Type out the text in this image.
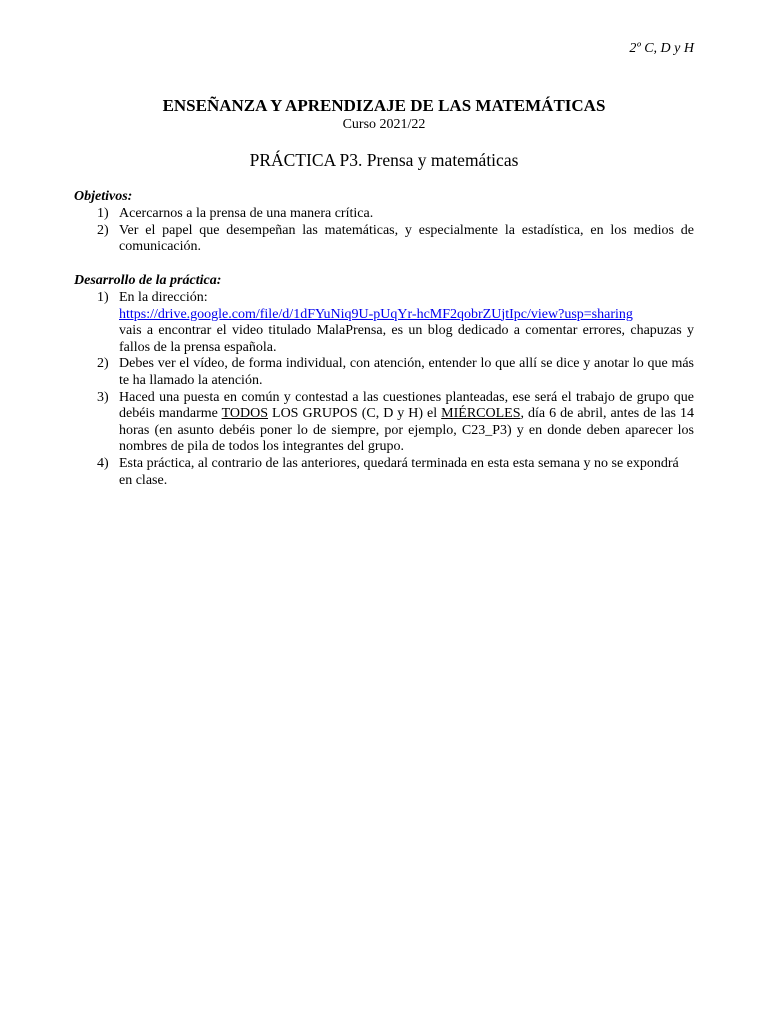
2º C, D y H
ENSEÑANZA Y APRENDIZAJE DE LAS MATEMÁTICAS
Curso 2021/22
PRÁCTICA P3. Prensa y matemáticas
Objetivos:
1) Acercarnos a la prensa de una manera crítica.
2) Ver el papel que desempeñan las matemáticas, y especialmente la estadística, en los medios de comunicación.
Desarrollo de la práctica:
1) En la dirección:
https://drive.google.com/file/d/1dFYuNiq9U-pUqYr-hcMF2qobrZUjtIpc/view?usp=sharing
vais a encontrar el video titulado MalaPrensa, es un blog dedicado a comentar errores, chapuzas y fallos de la prensa española.
2) Debes ver el vídeo, de forma individual, con atención, entender lo que allí se dice y anotar lo que más te ha llamado la atención.
3) Haced una puesta en común y contestad a las cuestiones planteadas, ese será el trabajo de grupo que debéis mandarme TODOS LOS GRUPOS (C, D y H) el MIÉRCOLES, día 6 de abril, antes de las 14 horas (en asunto debéis poner lo de siempre, por ejemplo, C23_P3) y en donde deben aparecer los nombres de pila de todos los integrantes del grupo.
4) Esta práctica, al contrario de las anteriores, quedará terminada en esta esta semana y no se expondrá en clase.
